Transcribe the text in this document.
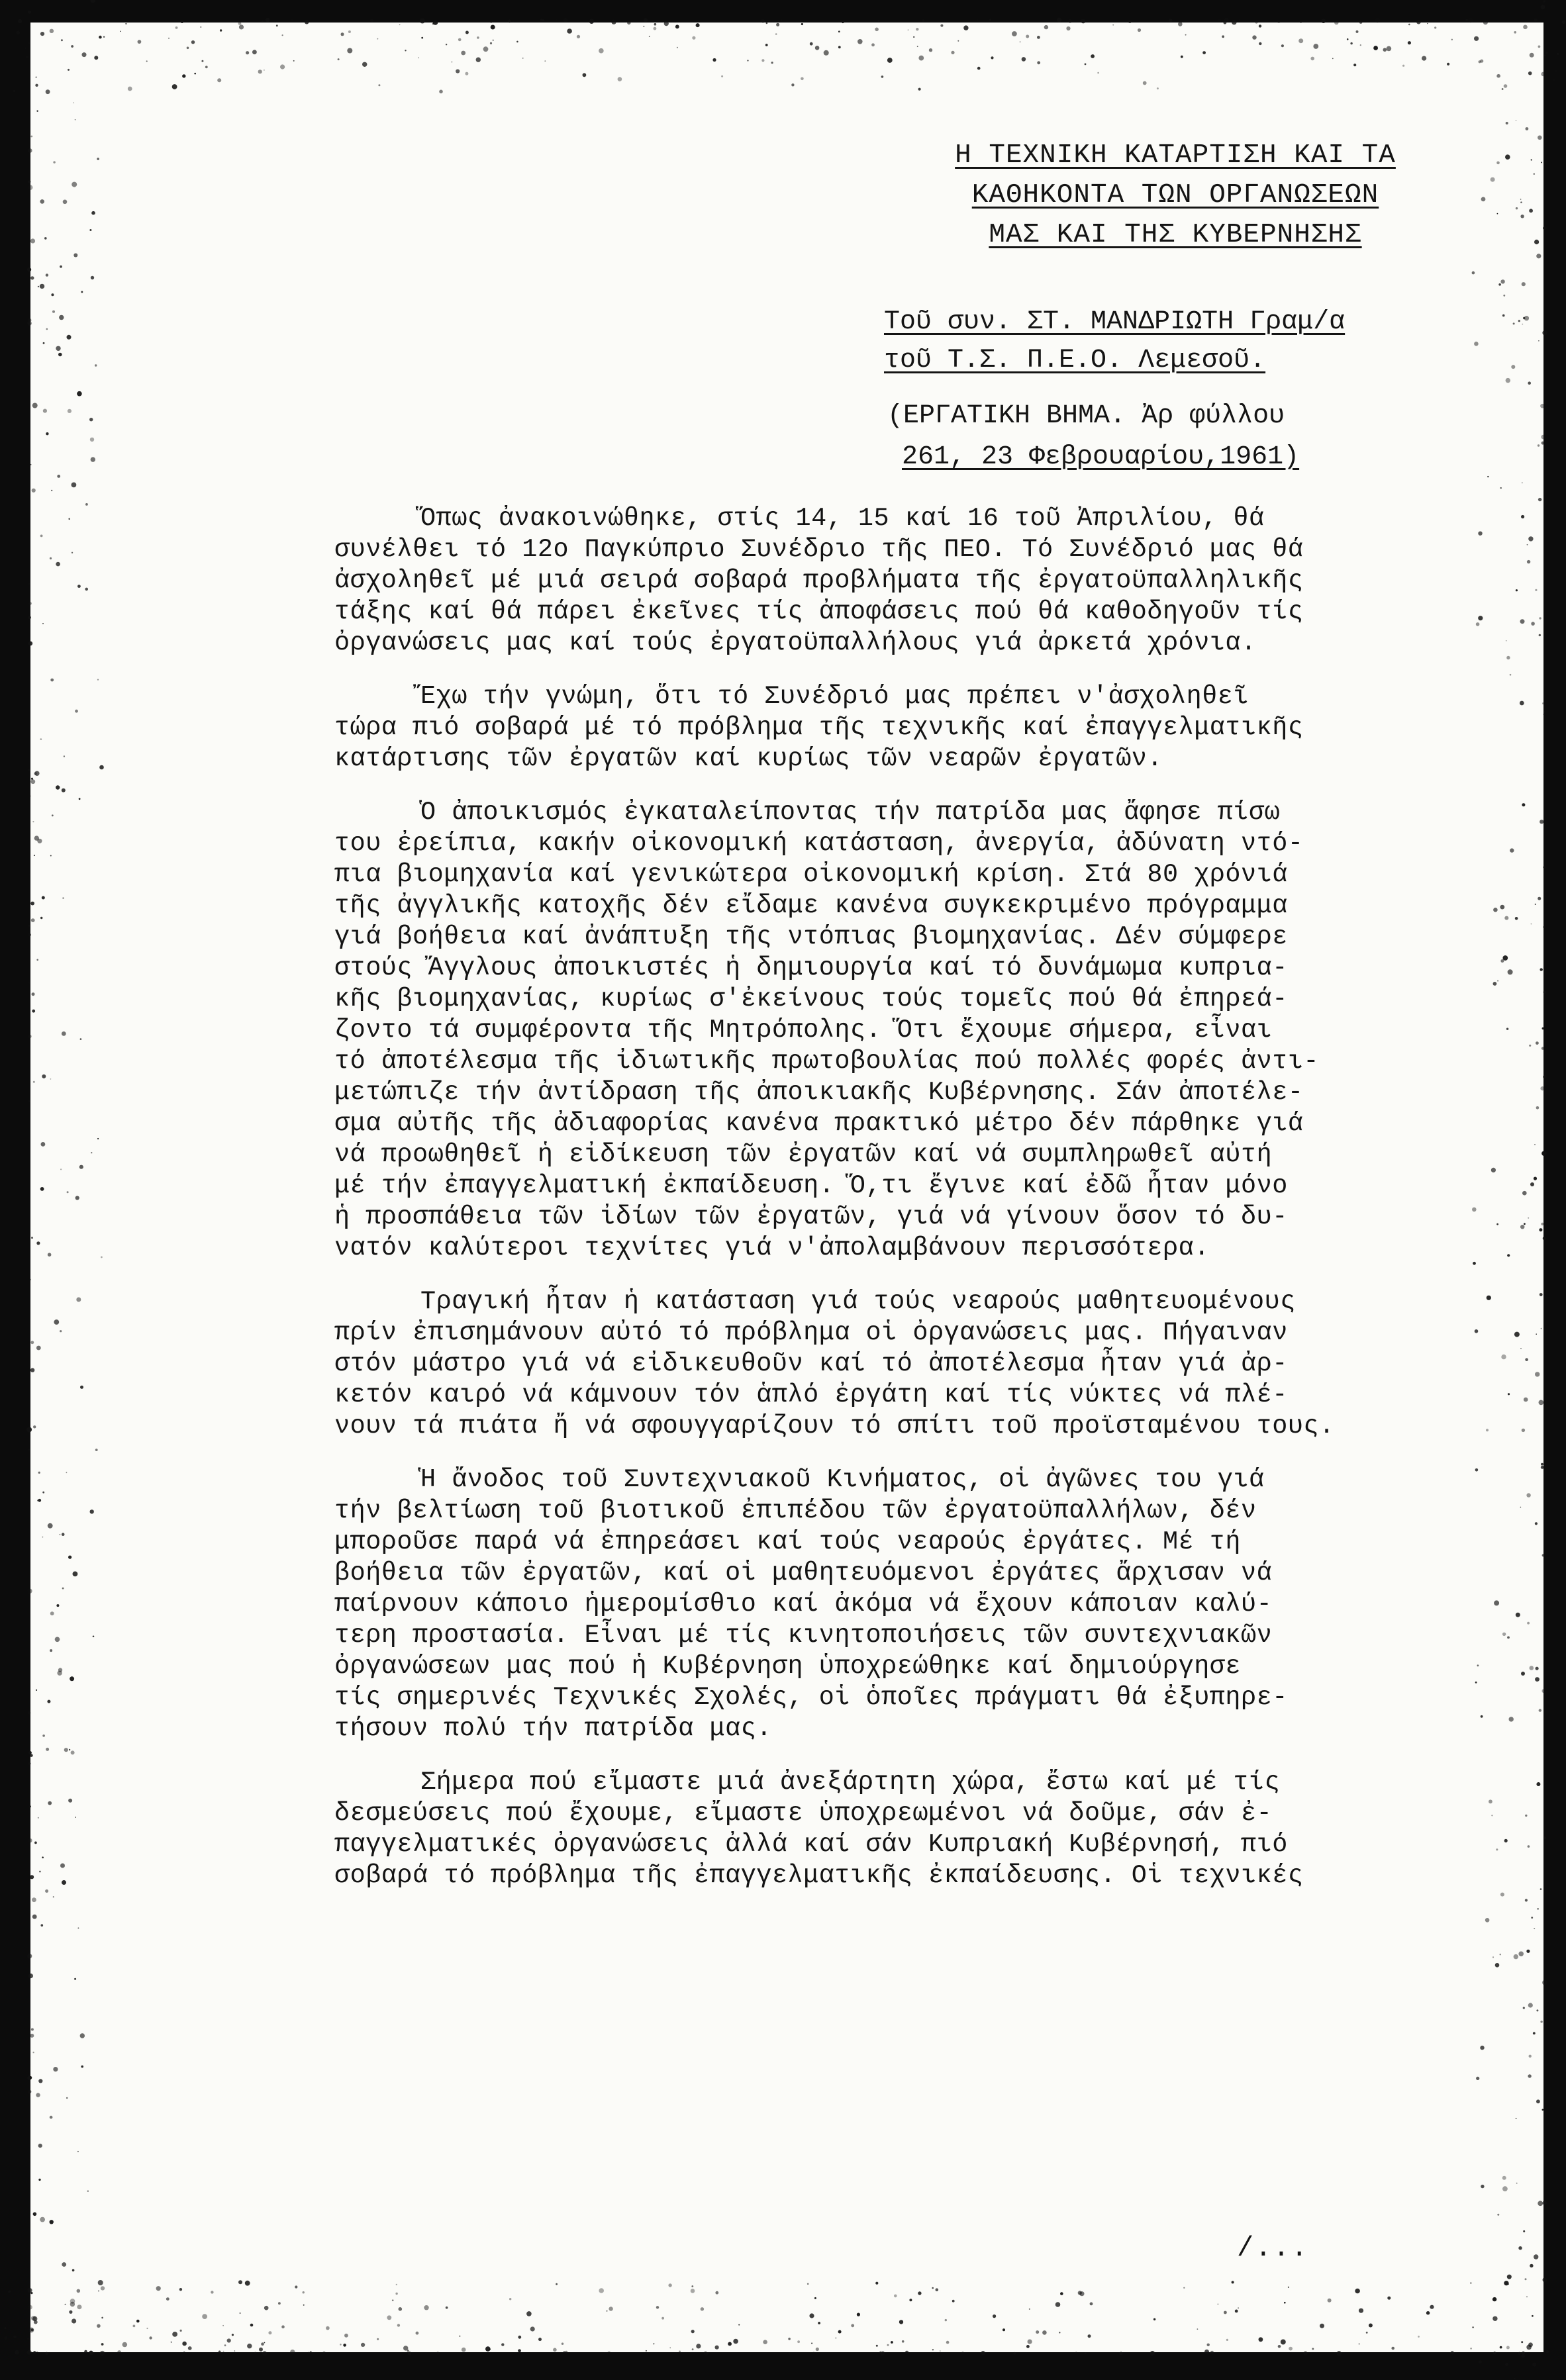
Η ΤΕΧΝΙΚΗ ΚΑΤΑΡΤΙΣΗ ΚΑΙ ΤΑ
ΚΑΘΗΚΟΝΤΑ ΤΩΝ ΟΡΓΑΝΩΣΕΩΝ
ΜΑΣ ΚΑΙ ΤΗΣ ΚΥΒΕΡΝΗΣΗΣ
Τοῦ συν. ΣΤ. ΜΑΝΔΡΙΩΤΗ Γραμ/α
τοῦ Τ.Σ. Π.Ε.Ο. Λεμεσοῦ.
(ΕΡΓΑΤΙΚΗ ΒΗΜΑ. Ἀρ φύλλου
261, 23 Φεβρουαρίου,1961)

Ὅπως ἀνακοινώθηκε, στίς 14, 15 καί 16 τοῦ Ἀπριλίου, θά
συνέλθει τό 12ο Παγκύπριο Συνέδριο τῆς ΠΕΟ. Τό Συνέδριό μας θά
ἀσχοληθεῖ μέ μιά σειρά σοβαρά προβλήματα τῆς ἐργατοϋπαλληλικῆς
τάξης καί θά πάρει ἐκεῖνες τίς ἀποφάσεις πού θά καθοδηγοῦν τίς
ὀργανώσεις μας καί τούς ἐργατοϋπαλλήλους γιά ἀρκετά χρόνια.

Ἔχω τήν γνώμη, ὅτι τό Συνέδριό μας πρέπει ν'ἀσχοληθεῖ
τώρα πιό σοβαρά μέ τό πρόβλημα τῆς τεχνικῆς καί ἐπαγγελματικῆς
κατάρτισης τῶν ἐργατῶν καί κυρίως τῶν νεαρῶν ἐργατῶν.

Ὁ ἀποικισμός ἐγκαταλείποντας τήν πατρίδα μας ἄφησε πίσω
του ἐρείπια, κακήν οἰκονομική κατάσταση, ἀνεργία, ἀδύνατη ντό-
πια βιομηχανία καί γενικώτερα οἰκονομική κρίση. Στά 80 χρόνιά
τῆς ἀγγλικῆς κατοχῆς δέν εἴδαμε κανένα συγκεκριμένο πρόγραμμα
γιά βοήθεια καί ἀνάπτυξη τῆς ντόπιας βιομηχανίας. Δέν σύμφερε
στούς Ἄγγλους ἀποικιστές ἡ δημιουργία καί τό δυνάμωμα κυπρια-
κῆς βιομηχανίας, κυρίως σ'ἐκείνους τούς τομεῖς πού θά ἐπηρεά-
ζοντο τά συμφέροντα τῆς Μητρόπολης. Ὅτι ἔχουμε σήμερα, εἶναι
τό ἀποτέλεσμα τῆς ἰδιωτικῆς πρωτοβουλίας πού πολλές φορές ἀντι-
μετώπιζε τήν ἀντίδραση τῆς ἀποικιακῆς Κυβέρνησης. Σάν ἀποτέλε-
σμα αὐτῆς τῆς ἀδιαφορίας κανένα πρακτικό μέτρο δέν πάρθηκε γιά
νά προωθηθεῖ ἡ εἰδίκευση τῶν ἐργατῶν καί νά συμπληρωθεῖ αὐτή
μέ τήν ἐπαγγελματική ἐκπαίδευση. Ὅ,τι ἔγινε καί ἐδῶ ἦταν μόνο
ἡ προσπάθεια τῶν ἰδίων τῶν ἐργατῶν, γιά νά γίνουν ὅσον τό δυ-
νατόν καλύτεροι τεχνίτες γιά ν'ἀπολαμβάνουν περισσότερα.

Τραγική ἦταν ἡ κατάσταση γιά τούς νεαρούς μαθητευομένους
πρίν ἐπισημάνουν αὐτό τό πρόβλημα οἱ ὀργανώσεις μας. Πήγαιναν
στόν μάστρο γιά νά εἰδικευθοῦν καί τό ἀποτέλεσμα ἦταν γιά ἀρ-
κετόν καιρό νά κάμνουν τόν ἁπλό ἐργάτη καί τίς νύκτες νά πλέ-
νουν τά πιάτα ἤ νά σφουγγαρίζουν τό σπίτι τοῦ προϊσταμένου τους.

Ἡ ἄνοδος τοῦ Συντεχνιακοῦ Κινήματος, οἱ ἀγῶνες του γιά
τήν βελτίωση τοῦ βιοτικοῦ ἐπιπέδου τῶν ἐργατοϋπαλλήλων, δέν
μποροῦσε παρά νά ἐπηρεάσει καί τούς νεαρούς ἐργάτες. Μέ τή
βοήθεια τῶν ἐργατῶν, καί οἱ μαθητευόμενοι ἐργάτες ἄρχισαν νά
παίρνουν κάποιο ἡμερομίσθιο καί ἀκόμα νά ἔχουν κάποιαν καλύ-
τερη προστασία. Εἶναι μέ τίς κινητοποιήσεις τῶν συντεχνιακῶν
ὀργανώσεων μας πού ἡ Κυβέρνηση ὑποχρεώθηκε καί δημιούργησε
τίς σημερινές Τεχνικές Σχολές, οἱ ὁποῖες πράγματι θά ἐξυπηρε-
τήσουν πολύ τήν πατρίδα μας.

Σήμερα πού εἴμαστε μιά ἀνεξάρτητη χώρα, ἔστω καί μέ τίς
δεσμεύσεις πού ἔχουμε, εἴμαστε ὑποχρεωμένοι νά δοῦμε, σάν ἐ-
παγγελματικές ὀργανώσεις ἀλλά καί σάν Κυπριακή Κυβέρνησή, πιό
σοβαρά τό πρόβλημα τῆς ἐπαγγελματικῆς ἐκπαίδευσης. Οἱ τεχνικές

/...
